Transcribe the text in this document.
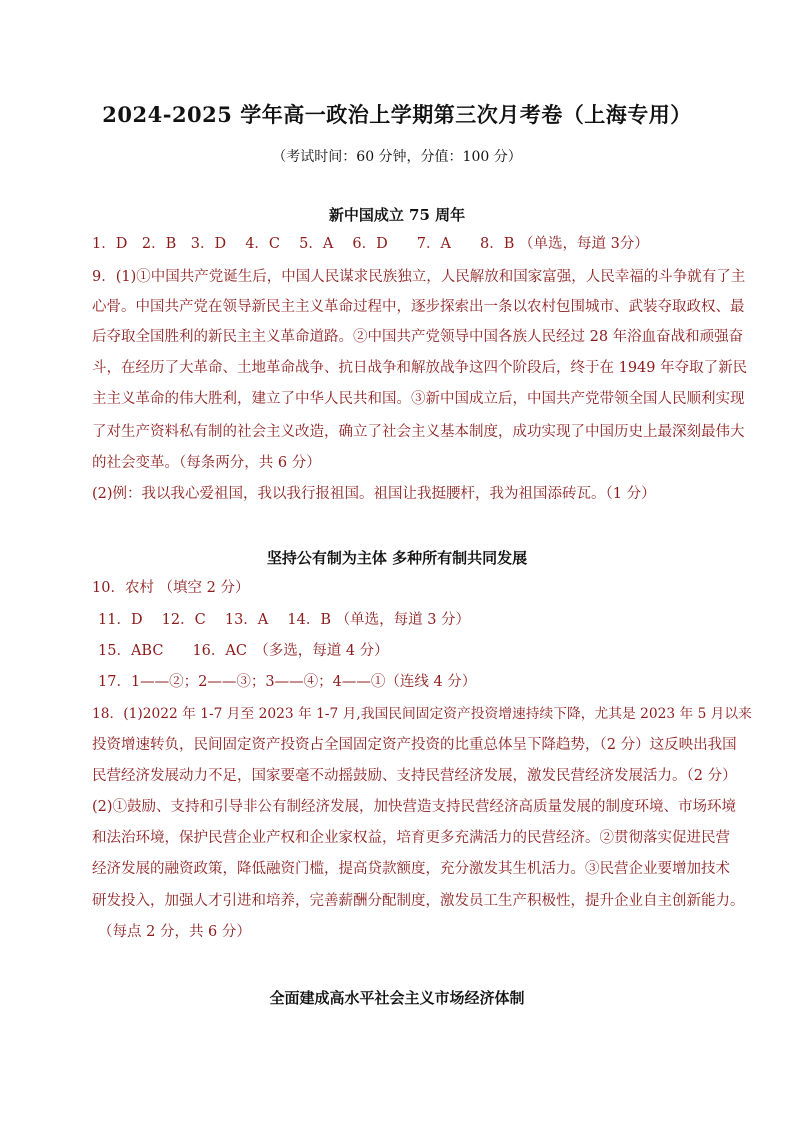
2024-2025 学年高一政治上学期第三次月考卷（上海专用）
（考试时间：60 分钟，分值：100 分）
新中国成立 75 周年
1．D　2．B　3．D　 4．C　 5．A　 6．D　　7．A　　8．B （单选，每道 3分）
9．(1)①中国共产党诞生后，中国人民谋求民族独立，人民解放和国家富强，人民幸福的斗争就有了主
心骨。中国共产党在领导新民主主义革命过程中，逐步探索出一条以农村包围城市、武装夺取政权、最
后夺取全国胜利的新民主主义革命道路。②中国共产党领导中国各族人民经过 28 年浴血奋战和顽强奋
斗，在经历了大革命、土地革命战争、抗日战争和解放战争这四个阶段后，终于在 1949 年夺取了新民
主主义革命的伟大胜利，建立了中华人民共和国。③新中国成立后，中国共产党带领全国人民顺利实现
了对生产资料私有制的社会主义改造，确立了社会主义基本制度，成功实现了中国历史上最深刻最伟大
的社会变革。（每条两分，共 6 分）
(2)例：我以我心爱祖国，我以我行报祖国。祖国让我挺腰杆，我为祖国添砖瓦。（1 分）
坚持公有制为主体 多种所有制共同发展
10．农村 （填空 2 分）
11．D　 12．C　 13．A　 14．B （单选，每道 3 分）
15．ABC　　16．AC　（多选，每道 4 分）
17．1——②；2——③；3——④；4——①（连线 4 分）
18．(1)2022 年 1-7 月至 2023 年 1-7 月,我国民间固定资产投资增速持续下降，尤其是 2023 年 5 月以来
投资增速转负，民间固定资产投资占全国固定资产投资的比重总体呈下降趋势，（2 分）这反映出我国
民营经济发展动力不足，国家要毫不动摇鼓励、支持民营经济发展，激发民营经济发展活力。（2 分）
(2)①鼓励、支持和引导非公有制经济发展，加快营造支持民营经济高质量发展的制度环境、市场环境
和法治环境，保护民营企业产权和企业家权益，培育更多充满活力的民营经济。②贯彻落实促进民营
经济发展的融资政策，降低融资门槛，提高贷款额度，充分激发其生机活力。③民营企业要增加技术
研发投入，加强人才引进和培养，完善薪酬分配制度，激发员工生产积极性，提升企业自主创新能力。
（每点 2 分，共 6 分）
全面建成高水平社会主义市场经济体制
